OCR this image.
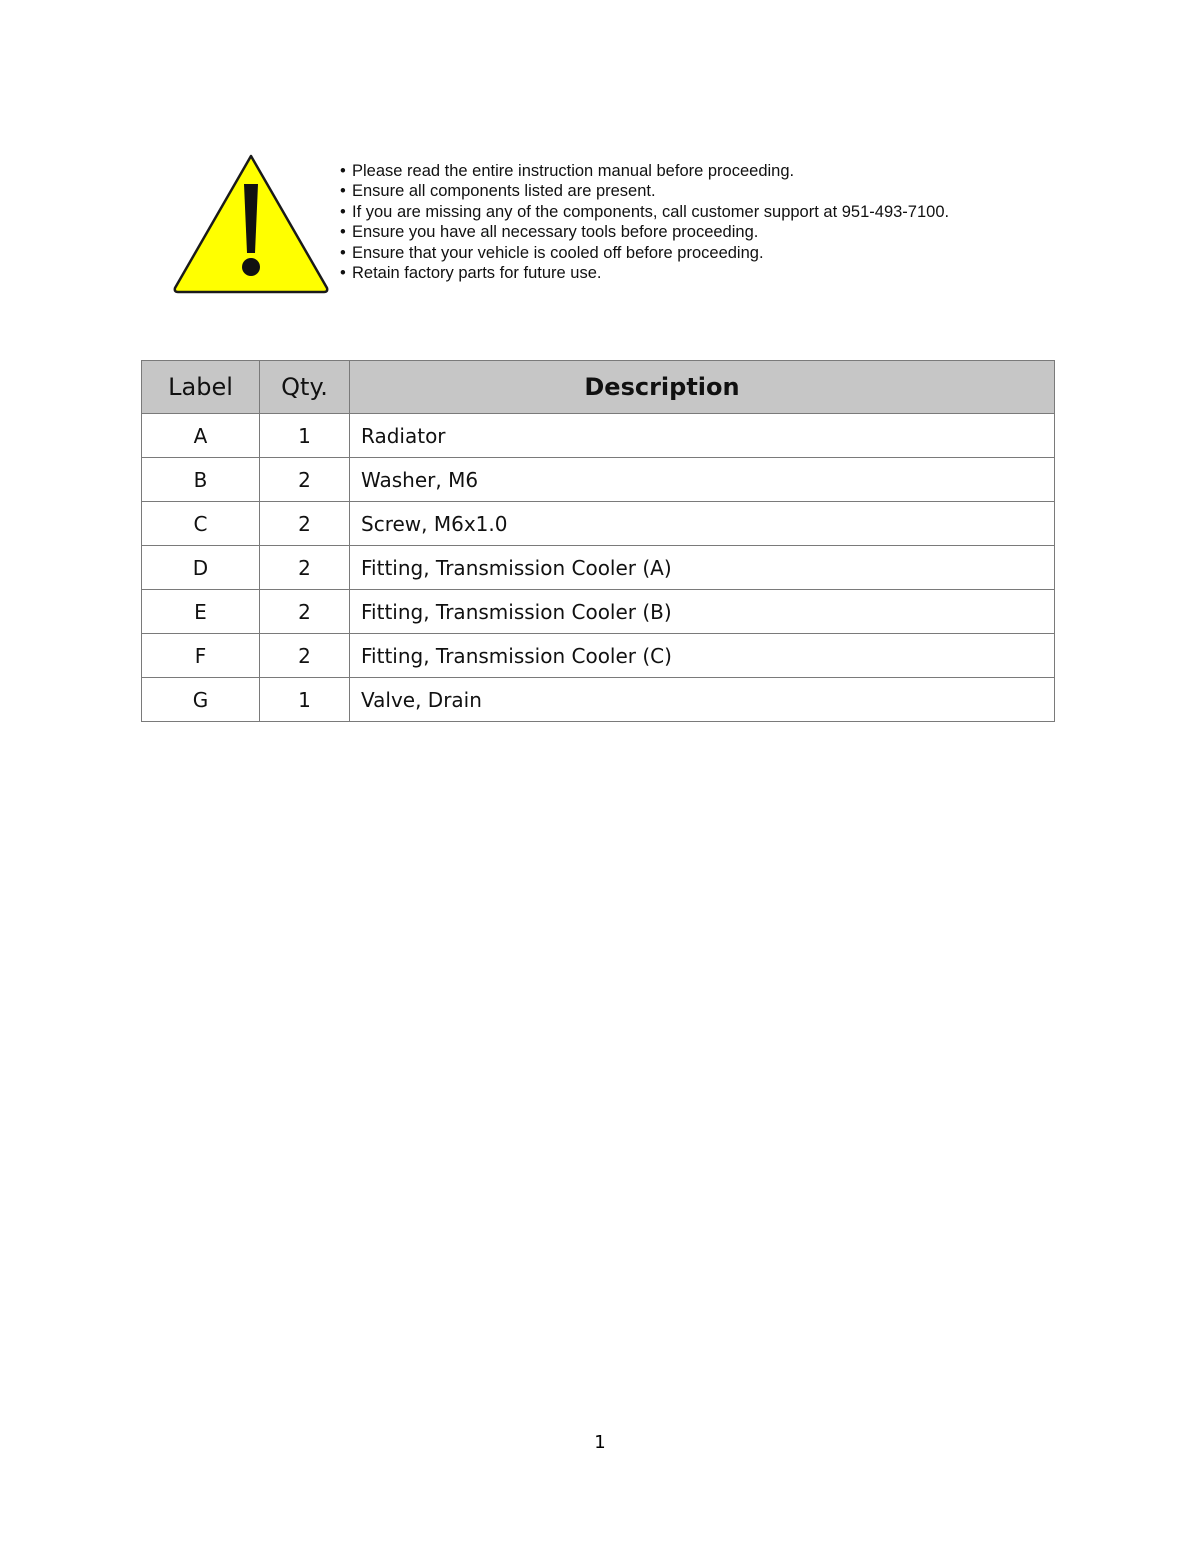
• Please read the entire instruction manual before proceeding.
• Ensure all components listed are present.
• If you are missing any of the components, call customer support at 951-493-7100.
• Ensure you have all necessary tools before proceeding.
• Ensure that your vehicle is cooled off before proceeding.
• Retain factory parts for future use.
Label	Qty.	Description
A	1	Radiator
B	2	Washer, M6
C	2	Screw, M6x1.0
D	2	Fitting, Transmission Cooler (A)
E	2	Fitting, Transmission Cooler (B)
F	2	Fitting, Transmission Cooler (C)
G	1	Valve, Drain
1
